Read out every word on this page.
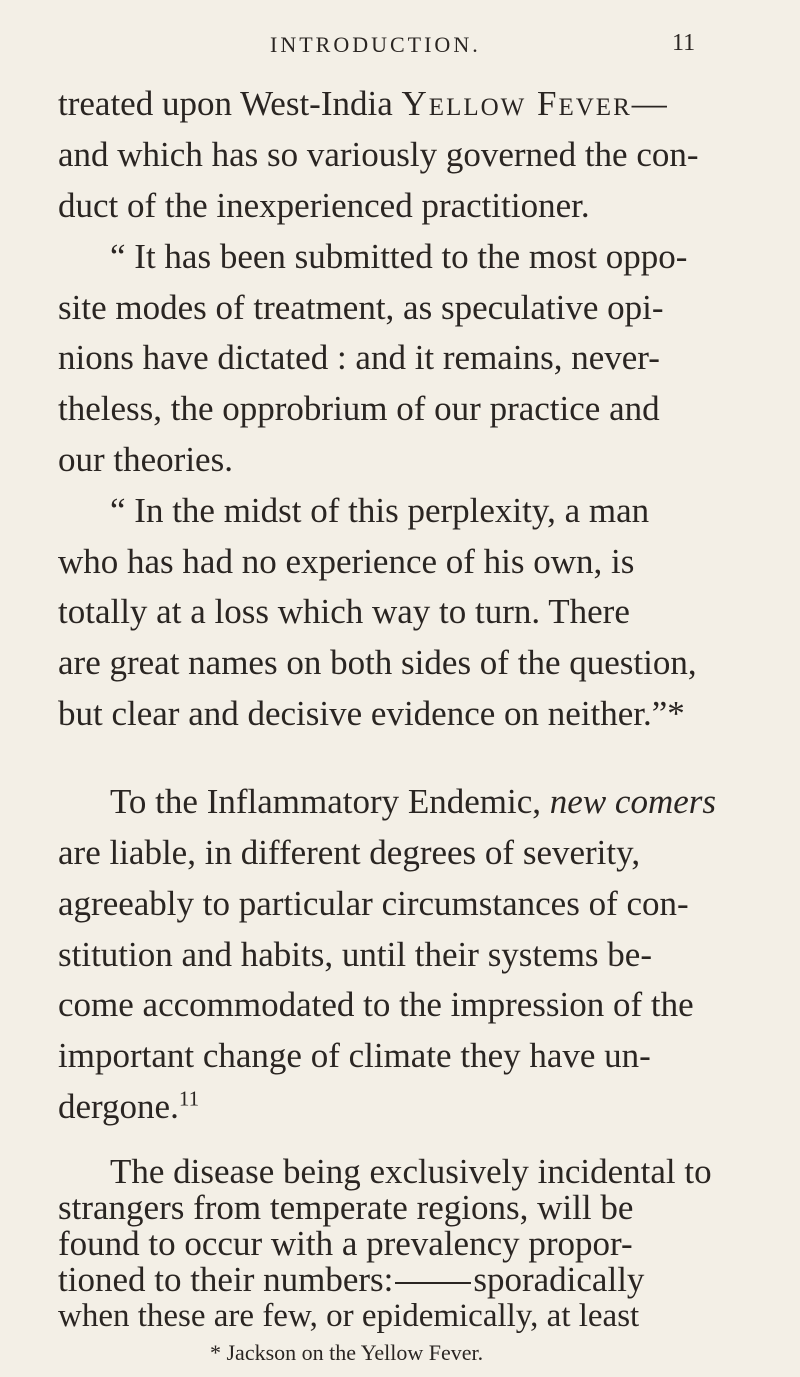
INTRODUCTION.	11
treated upon West-India Yellow Fever—
and which has so variously governed the con-
duct of the inexperienced practitioner.
“ It has been submitted to the most oppo-
site modes of treatment, as speculative opi-
nions have dictated : and it remains, never-
theless, the opprobrium of our practice and
our theories.
“ In the midst of this perplexity, a man
who has had no experience of his own, is
totally at a loss which way to turn. There
are great names on both sides of the question,
but clear and decisive evidence on neither.”*
To the Inflammatory Endemic, new comers
are liable, in different degrees of severity,
agreeably to particular circumstances of con-
stitution and habits, until their systems be-
come accommodated to the impression of the
important change of climate they have un-
dergone.$^{11}$
The disease being exclusively incidental to
strangers from temperate regions, will be
found to occur with a prevalency propor-
tioned to their numbers: sporadically
when these are few, or epidemically, at least
* Jackson on the Yellow Fever.
